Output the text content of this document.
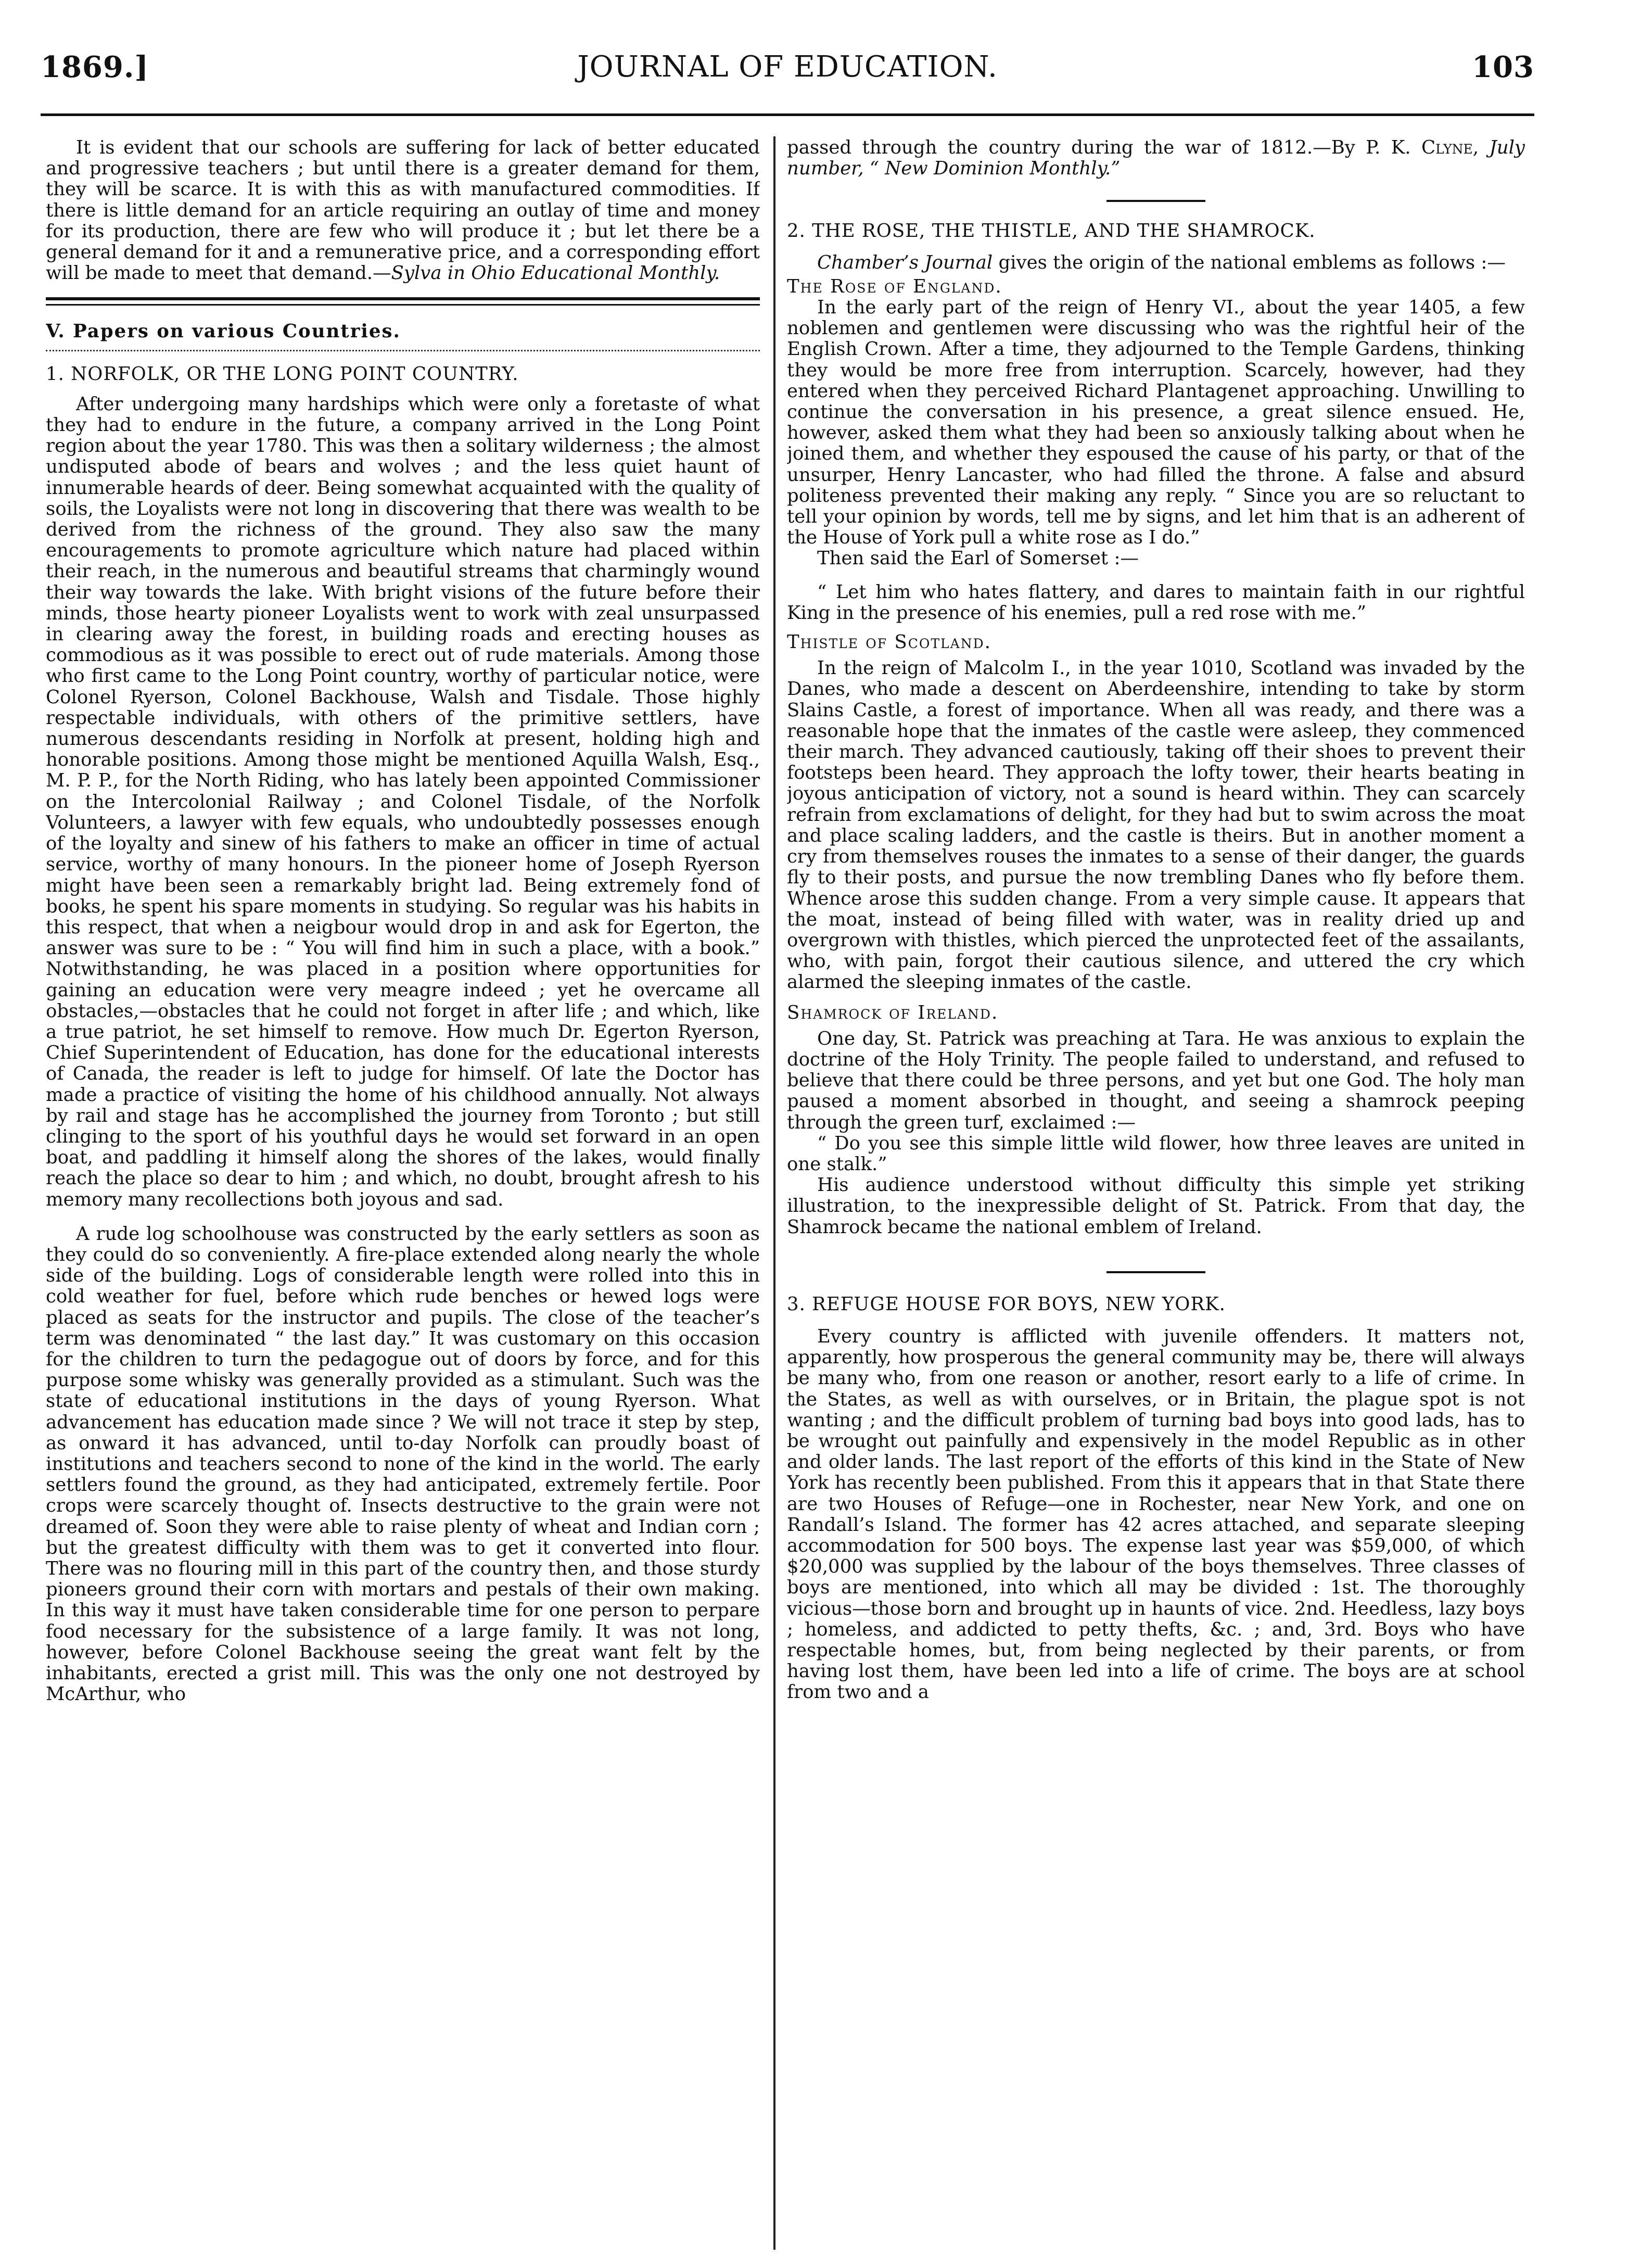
1869.]	JOURNAL OF EDUCATION.	103

It is evident that our schools are suffering for lack of better educated and progressive teachers ; but until there is a greater demand for them, they will be scarce. It is with this as with manufactured commodities. If there is little demand for an article requiring an outlay of time and money for its production, there are few who will produce it ; but let there be a general demand for it and a remunerative price, and a corresponding effort will be made to meet that demand.—Sylva in Ohio Educational Monthly.

V. Papers on various Countries.

1. NORFOLK, OR THE LONG POINT COUNTRY.

After undergoing many hardships which were only a foretaste of what they had to endure in the future, a company arrived in the Long Point region about the year 1780. This was then a solitary wilderness ; the almost undisputed abode of bears and wolves ; and the less quiet haunt of innumerable heards of deer. Being somewhat acquainted with the quality of soils, the Loyalists were not long in discovering that there was wealth to be derived from the richness of the ground. They also saw the many encouragements to promote agriculture which nature had placed within their reach, in the numerous and beautiful streams that charmingly wound their way towards the lake. With bright visions of the future before their minds, those hearty pioneer Loyalists went to work with zeal unsurpassed in clearing away the forest, in building roads and erecting houses as commodious as it was possible to erect out of rude materials. Among those who first came to the Long Point country, worthy of particular notice, were Colonel Ryerson, Colonel Backhouse, Walsh and Tisdale. Those highly respectable individuals, with others of the primitive settlers, have numerous descendants residing in Norfolk at present, holding high and honorable positions. Among those might be mentioned Aquilla Walsh, Esq., M. P. P., for the North Riding, who has lately been appointed Commissioner on the Intercolonial Railway ; and Colonel Tisdale, of the Norfolk Volunteers, a lawyer with few equals, who undoubtedly possesses enough of the loyalty and sinew of his fathers to make an officer in time of actual service, worthy of many honours. In the pioneer home of Joseph Ryerson might have been seen a remarkably bright lad. Being extremely fond of books, he spent his spare moments in studying. So regular was his habits in this respect, that when a neigbour would drop in and ask for Egerton, the answer was sure to be : “ You will find him in such a place, with a book.” Notwithstanding, he was placed in a position where opportunities for gaining an education were very meagre indeed ; yet he overcame all obstacles,—obstacles that he could not forget in after life ; and which, like a true patriot, he set himself to remove. How much Dr. Egerton Ryerson, Chief Superintendent of Education, has done for the educational interests of Canada, the reader is left to judge for himself. Of late the Doctor has made a practice of visiting the home of his childhood annually. Not always by rail and stage has he accomplished the journey from Toronto ; but still clinging to the sport of his youthful days he would set forward in an open boat, and paddling it himself along the shores of the lakes, would finally reach the place so dear to him ; and which, no doubt, brought afresh to his memory many recollections both joyous and sad.

A rude log schoolhouse was constructed by the early settlers as soon as they could do so conveniently. A fire-place extended along nearly the whole side of the building. Logs of considerable length were rolled into this in cold weather for fuel, before which rude benches or hewed logs were placed as seats for the instructor and pupils. The close of the teacher’s term was denominated “ the last day.” It was customary on this occasion for the children to turn the pedagogue out of doors by force, and for this purpose some whisky was generally provided as a stimulant. Such was the state of educational institutions in the days of young Ryerson. What advancement has education made since ? We will not trace it step by step, as onward it has advanced, until to-day Norfolk can proudly boast of institutions and teachers second to none of the kind in the world. The early settlers found the ground, as they had anticipated, extremely fertile. Poor crops were scarcely thought of. Insects destructive to the grain were not dreamed of. Soon they were able to raise plenty of wheat and Indian corn ; but the greatest difficulty with them was to get it converted into flour. There was no flouring mill in this part of the country then, and those sturdy pioneers ground their corn with mortars and pestals of their own making. In this way it must have taken considerable time for one person to perpare food necessary for the subsistence of a large family. It was not long, however, before Colonel Backhouse seeing the great want felt by the inhabitants, erected a grist mill. This was the only one not destroyed by McArthur, who

passed through the country during the war of 1812.—By P. K. Clyne, July number, “ New Dominion Monthly.”

2. THE ROSE, THE THISTLE, AND THE SHAMROCK.

Chamber’s Journal gives the origin of the national emblems as follows :—

The Rose of England.

In the early part of the reign of Henry VI., about the year 1405, a few noblemen and gentlemen were discussing who was the rightful heir of the English Crown. After a time, they adjourned to the Temple Gardens, thinking they would be more free from interruption. Scarcely, however, had they entered when they perceived Richard Plantagenet approaching. Unwilling to continue the conversation in his presence, a great silence ensued. He, however, asked them what they had been so anxiously talking about when he joined them, and whether they espoused the cause of his party, or that of the unsurper, Henry Lancaster, who had filled the throne. A false and absurd politeness prevented their making any reply. “ Since you are so reluctant to tell your opinion by words, tell me by signs, and let him that is an adherent of the House of York pull a white rose as I do.”

Then said the Earl of Somerset :—

“ Let him who hates flattery, and dares to maintain faith in our rightful King in the presence of his enemies, pull a red rose with me.”

Thistle of Scotland.

In the reign of Malcolm I., in the year 1010, Scotland was invaded by the Danes, who made a descent on Aberdeenshire, intending to take by storm Slains Castle, a forest of importance. When all was ready, and there was a reasonable hope that the inmates of the castle were asleep, they commenced their march. They advanced cautiously, taking off their shoes to prevent their footsteps been heard. They approach the lofty tower, their hearts beating in joyous anticipation of victory, not a sound is heard within. They can scarcely refrain from exclamations of delight, for they had but to swim across the moat and place scaling ladders, and the castle is theirs. But in another moment a cry from themselves rouses the inmates to a sense of their danger, the guards fly to their posts, and pursue the now trembling Danes who fly before them. Whence arose this sudden change. From a very simple cause. It appears that the moat, instead of being filled with water, was in reality dried up and overgrown with thistles, which pierced the unprotected feet of the assailants, who, with pain, forgot their cautious silence, and uttered the cry which alarmed the sleeping inmates of the castle.

Shamrock of Ireland.

One day, St. Patrick was preaching at Tara. He was anxious to explain the doctrine of the Holy Trinity. The people failed to understand, and refused to believe that there could be three persons, and yet but one God. The holy man paused a moment absorbed in thought, and seeing a shamrock peeping through the green turf, exclaimed :—

“ Do you see this simple little wild flower, how three leaves are united in one stalk.”

His audience understood without difficulty this simple yet striking illustration, to the inexpressible delight of St. Patrick. From that day, the Shamrock became the national emblem of Ireland.

3. REFUGE HOUSE FOR BOYS, NEW YORK.

Every country is afflicted with juvenile offenders. It matters not, apparently, how prosperous the general community may be, there will always be many who, from one reason or another, resort early to a life of crime. In the States, as well as with ourselves, or in Britain, the plague spot is not wanting ; and the difficult problem of turning bad boys into good lads, has to be wrought out painfully and expensively in the model Republic as in other and older lands. The last report of the efforts of this kind in the State of New York has recently been published. From this it appears that in that State there are two Houses of Refuge—one in Rochester, near New York, and one on Randall’s Island. The former has 42 acres attached, and separate sleeping accommodation for 500 boys. The expense last year was $59,000, of which $20,000 was supplied by the labour of the boys themselves. Three classes of boys are mentioned, into which all may be divided : 1st. The thoroughly vicious—those born and brought up in haunts of vice. 2nd. Heedless, lazy boys ; homeless, and addicted to petty thefts, &c. ; and, 3rd. Boys who have respectable homes, but, from being neglected by their parents, or from having lost them, have been led into a life of crime. The boys are at school from two and a
